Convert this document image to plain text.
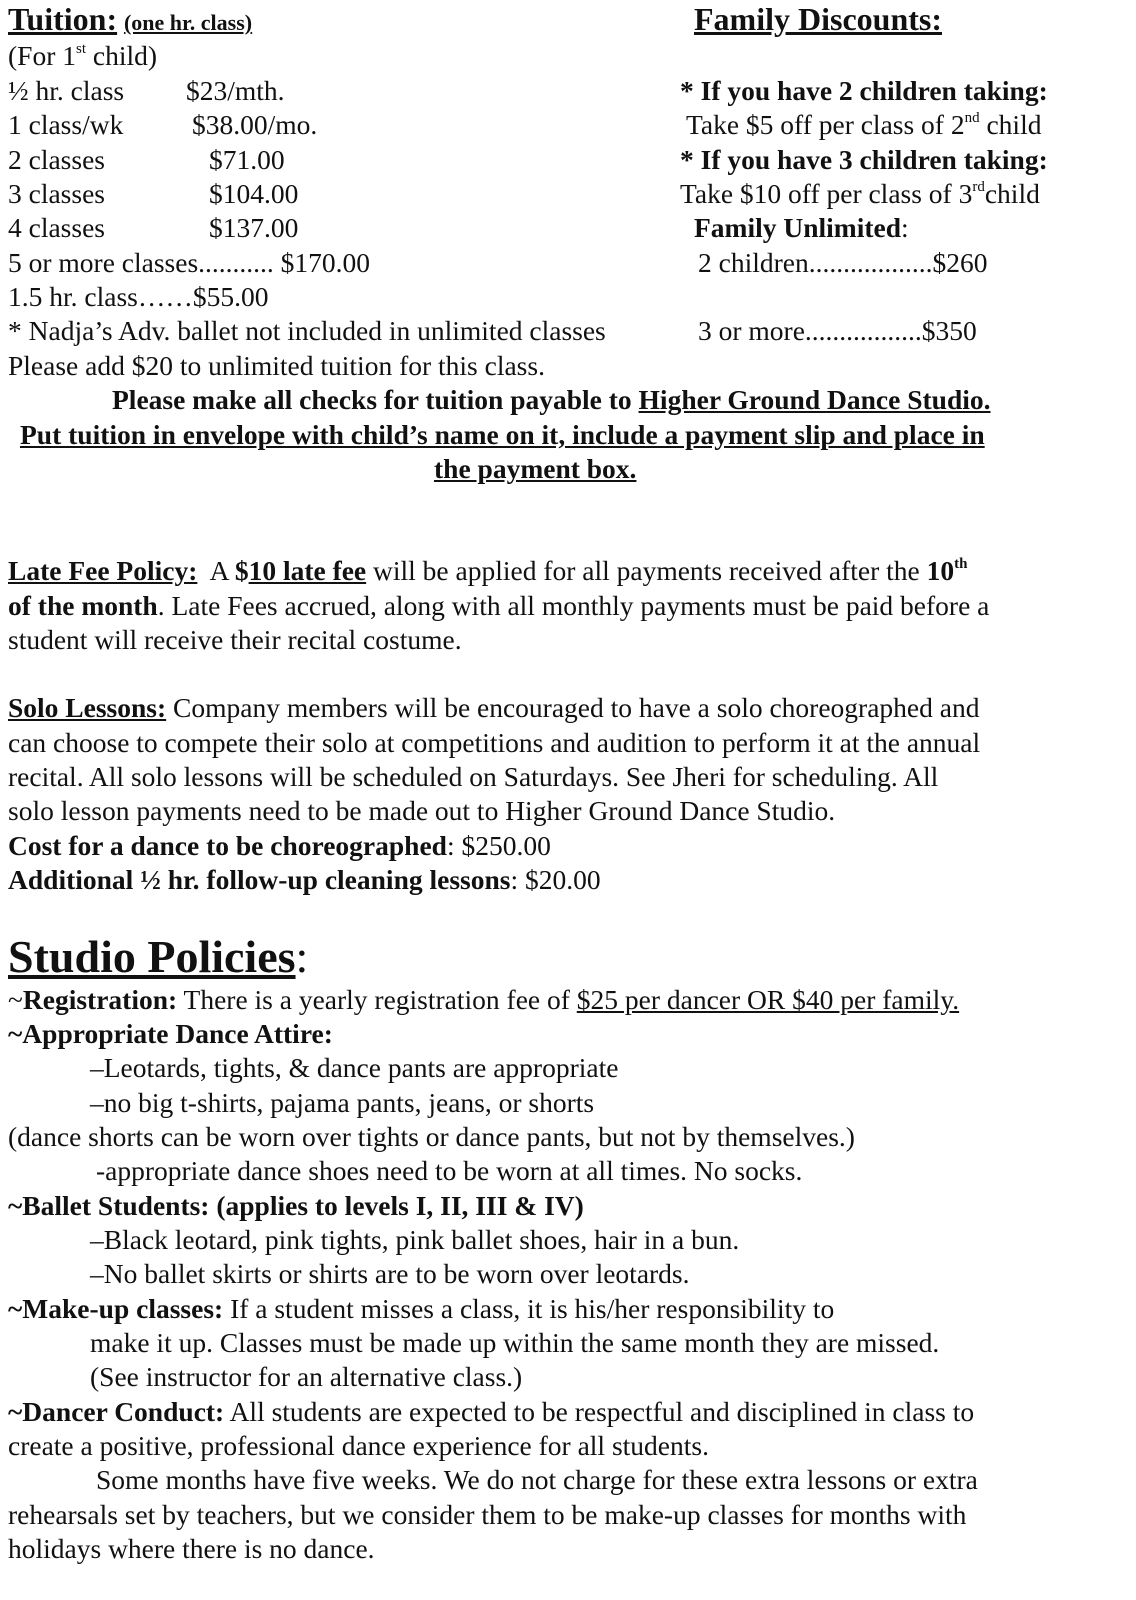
Tuition: (one hr. class)
(For 1st child)
½ hr. class $23/mth.
1 class/wk $38.00/mo.
2 classes	$71.00
3 classes	$104.00
4 classes	$137.00
5 or more classes........... $170.00
1.5 hr. class……$55.00
* Nadja’s Adv. ballet not included in unlimited classes
Please add $20 to unlimited tuition for this class.
Family Discounts:
* If you have 2 children taking:
Take $5 off per class of 2nd child
* If you have 3 children taking:
Take $10 off per class of 3rdchild
Family Unlimited:
2 children..................$260
3 or more.................$350
Please make all checks for tuition payable to Higher Ground Dance Studio.
Put tuition in envelope with child’s name on it, include a payment slip and place in
the payment box.
Late Fee Policy:  A $10 late fee will be applied for all payments received after the 10th
of the month. Late Fees accrued, along with all monthly payments must be paid before a
student will receive their recital costume.
Solo Lessons: Company members will be encouraged to have a solo choreographed and
can choose to compete their solo at competitions and audition to perform it at the annual
recital. All solo lessons will be scheduled on Saturdays. See Jheri for scheduling. All
solo lesson payments need to be made out to Higher Ground Dance Studio.
Cost for a dance to be choreographed: $250.00
Additional ½ hr. follow-up cleaning lessons: $20.00
Studio Policies:
~Registration: There is a yearly registration fee of $25 per dancer OR $40 per family.
~Appropriate Dance Attire:
–Leotards, tights, & dance pants are appropriate
–no big t-shirts, pajama pants, jeans, or shorts
(dance shorts can be worn over tights or dance pants, but not by themselves.)
-appropriate dance shoes need to be worn at all times. No socks.
~Ballet Students: (applies to levels I, II, III & IV)
–Black leotard, pink tights, pink ballet shoes, hair in a bun.
–No ballet skirts or shirts are to be worn over leotards.
~Make-up classes: If a student misses a class, it is his/her responsibility to
make it up. Classes must be made up within the same month they are missed.
(See instructor for an alternative class.)
~Dancer Conduct: All students are expected to be respectful and disciplined in class to
create a positive, professional dance experience for all students.
Some months have five weeks. We do not charge for these extra lessons or extra
rehearsals set by teachers, but we consider them to be make-up classes for months with
holidays where there is no dance.
